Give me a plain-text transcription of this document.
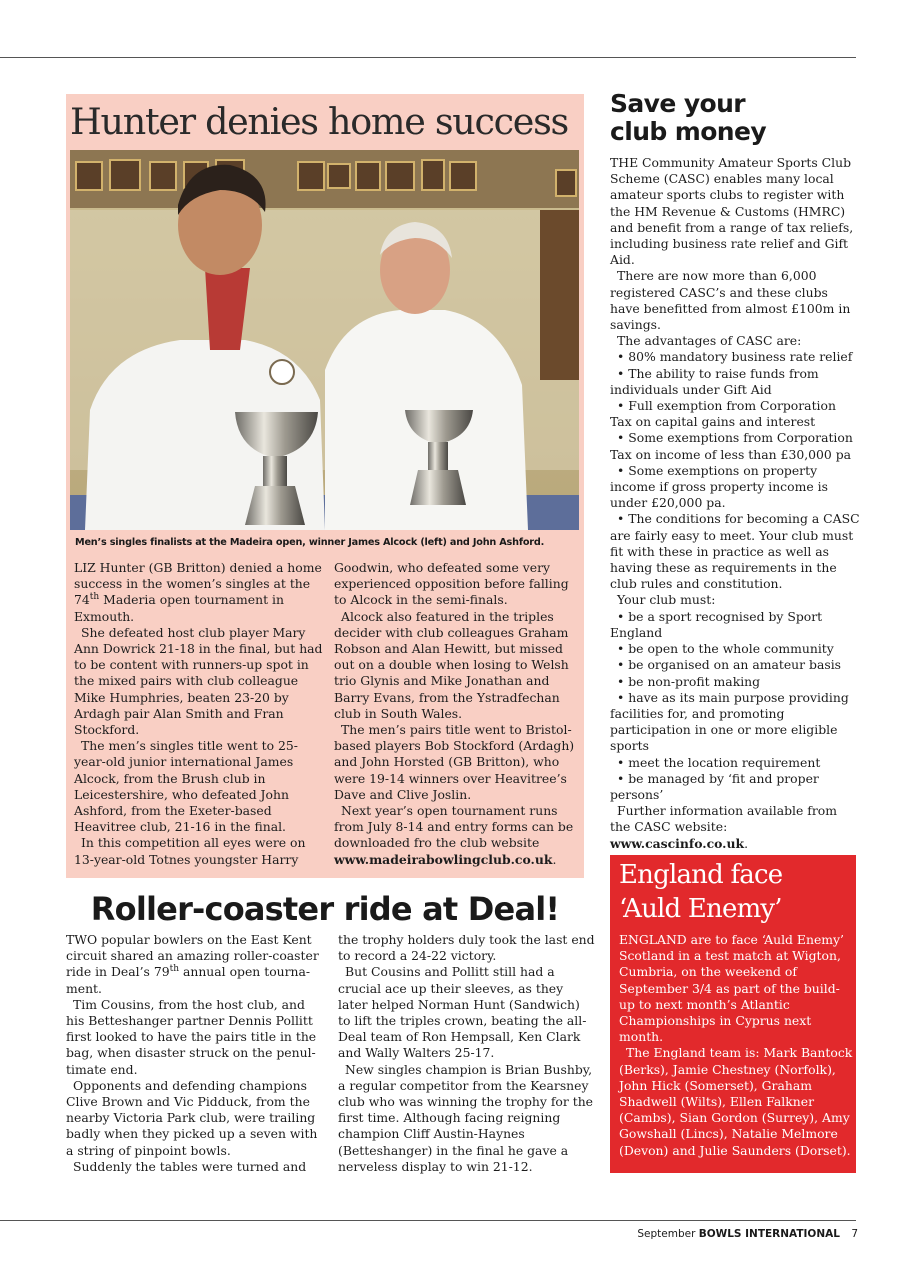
Hunter denies home success
Men’s singles finalists at the Madeira open, winner James Alcock (left) and John Ashford.

LIZ Hunter (GB Britton) denied a home success in the women’s singles at the 74th Maderia open tournament in Exmouth.

She defeated host club player Mary Ann Dowrick 21-18 in the final, but had to be content with runners-up spot in the mixed pairs with club colleague Mike Humphries, beaten 23-20 by Ardagh pair Alan Smith and Fran Stockford.

The men’s singles title went to 25-year-old junior international James Alcock, from the Brush club in Leicestershire, who defeated John Ashford, from the Exeter-based Heavitree club, 21-16 in the final.

In this competition all eyes were on 13-year-old Totnes youngster Harry

Goodwin, who defeated some very experienced opposition before falling to Alcock in the semi-finals.

Alcock also featured in the triples decider with club colleagues Graham Robson and Alan Hewitt, but missed out on a double when losing to Welsh trio Glynis and Mike Jonathan and Barry Evans, from the Ystradfechan club in South Wales.

The men’s pairs title went to Bristol-based players Bob Stockford (Ardagh) and John Horsted (GB Britton), who were 19-14 winners over Heavitree’s Dave and Clive Joslin.

Next year’s open tournament runs from July 8-14 and entry forms can be downloaded fro the club website www.madeirabowlingclub.co.uk.

Roller-coaster ride at Deal!

TWO popular bowlers on the East Kent circuit shared an amazing roller-coaster ride in Deal’s 79th annual open tourna-ment.

Tim Cousins, from the host club, and his Betteshanger partner Dennis Pollitt first looked to have the pairs title in the bag, when disaster struck on the penul-timate end.

Opponents and defending champions Clive Brown and Vic Pidduck, from the nearby Victoria Park club, were trailing badly when they picked up a seven with a string of pinpoint bowls.

Suddenly the tables were turned and

the trophy holders duly took the last end to record a 24-22 victory.

But Cousins and Pollitt still had a crucial ace up their sleeves, as they later helped Norman Hunt (Sandwich) to lift the triples crown, beating the all-Deal team of Ron Hempsall, Ken Clark and Wally Walters 25-17.

New singles champion is Brian Bushby, a regular competitor from the Kearsney club who was winning the trophy for the first time. Although facing reigning champion Cliff Austin-Haynes (Betteshanger) in the final he gave a nerveless display to win 21-12.

Save your
club money

THE Community Amateur Sports Club Scheme (CASC) enables many local amateur sports clubs to register with the HM Revenue & Customs (HMRC) and benefit from a range of tax reliefs, including business rate relief and Gift Aid.

There are now more than 6,000 registered CASC’s and these clubs have benefitted from almost £100m in savings.

The advantages of CASC are:

• 80% mandatory business rate relief

• The ability to raise funds from individuals under Gift Aid

• Full exemption from Corporation Tax on capital gains and interest

• Some exemptions from Corporation Tax on income of less than £30,000 pa

• Some exemptions on property income if gross property income is under £20,000 pa.

• The conditions for becoming a CASC are fairly easy to meet. Your club must fit with these in practice as well as having these as requirements in the club rules and constitution.

Your club must:

• be a sport recognised by Sport England

• be open to the whole community

• be organised on an amateur basis

• be non-profit making

• have as its main purpose providing facilities for, and promoting participation in one or more eligible sports

• meet the location requirement

• be managed by ‘fit and proper persons’

Further information available from the CASC website: www.cascinfo.co.uk.

England face
‘Auld Enemy’

ENGLAND are to face ‘Auld Enemy’ Scotland in a test match at Wigton, Cumbria, on the weekend of September 3/4 as part of the build-up to next month’s Atlantic Championships in Cyprus next month.

The England team is: Mark Bantock (Berks), Jamie Chestney (Norfolk), John Hick (Somerset), Graham Shadwell (Wilts), Ellen Falkner (Cambs), Sian Gordon (Surrey), Amy Gowshall (Lincs), Natalie Melmore (Devon) and Julie Saunders (Dorset).

September BOWLS INTERNATIONAL 7
